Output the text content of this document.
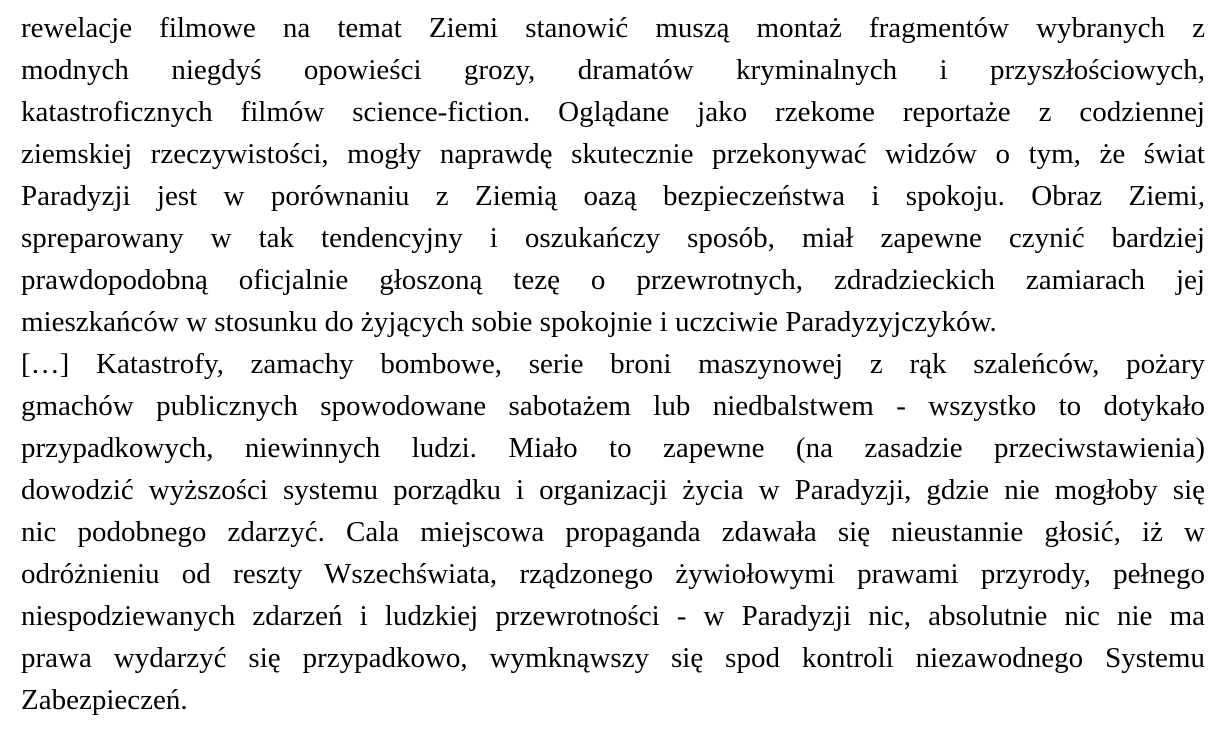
rewelacje filmowe na temat Ziemi stanowić muszą montaż fragmentów wybranych z
modnych niegdyś opowieści grozy, dramatów kryminalnych i przyszłościowych,
katastroficznych filmów science-fiction. Oglądane jako rzekome reportaże z codziennej
ziemskiej rzeczywistości, mogły naprawdę skutecznie przekonywać widzów o tym, że świat
Paradyzji jest w porównaniu z Ziemią oazą bezpieczeństwa i spokoju. Obraz Ziemi,
spreparowany w tak tendencyjny i oszukańczy sposób, miał zapewne czynić bardziej
prawdopodobną oficjalnie głoszoną tezę o przewrotnych, zdradzieckich zamiarach jej
mieszkańców w stosunku do żyjących sobie spokojnie i uczciwie Paradyzyjczyków.
[…] Katastrofy, zamachy bombowe, serie broni maszynowej z rąk szaleńców, pożary
gmachów publicznych spowodowane sabotażem lub niedbalstwem - wszystko to dotykało
przypadkowych, niewinnych ludzi. Miało to zapewne (na zasadzie przeciwstawienia)
dowodzić wyższości systemu porządku i organizacji życia w Paradyzji, gdzie nie mogłoby się
nic podobnego zdarzyć. Cala miejscowa propaganda zdawała się nieustannie głosić, iż w
odróżnieniu od reszty Wszechświata, rządzonego żywiołowymi prawami przyrody, pełnego
niespodziewanych zdarzeń i ludzkiej przewrotności - w Paradyzji nic, absolutnie nic nie ma
prawa wydarzyć się przypadkowo, wymknąwszy się spod kontroli niezawodnego Systemu
Zabezpieczeń.
